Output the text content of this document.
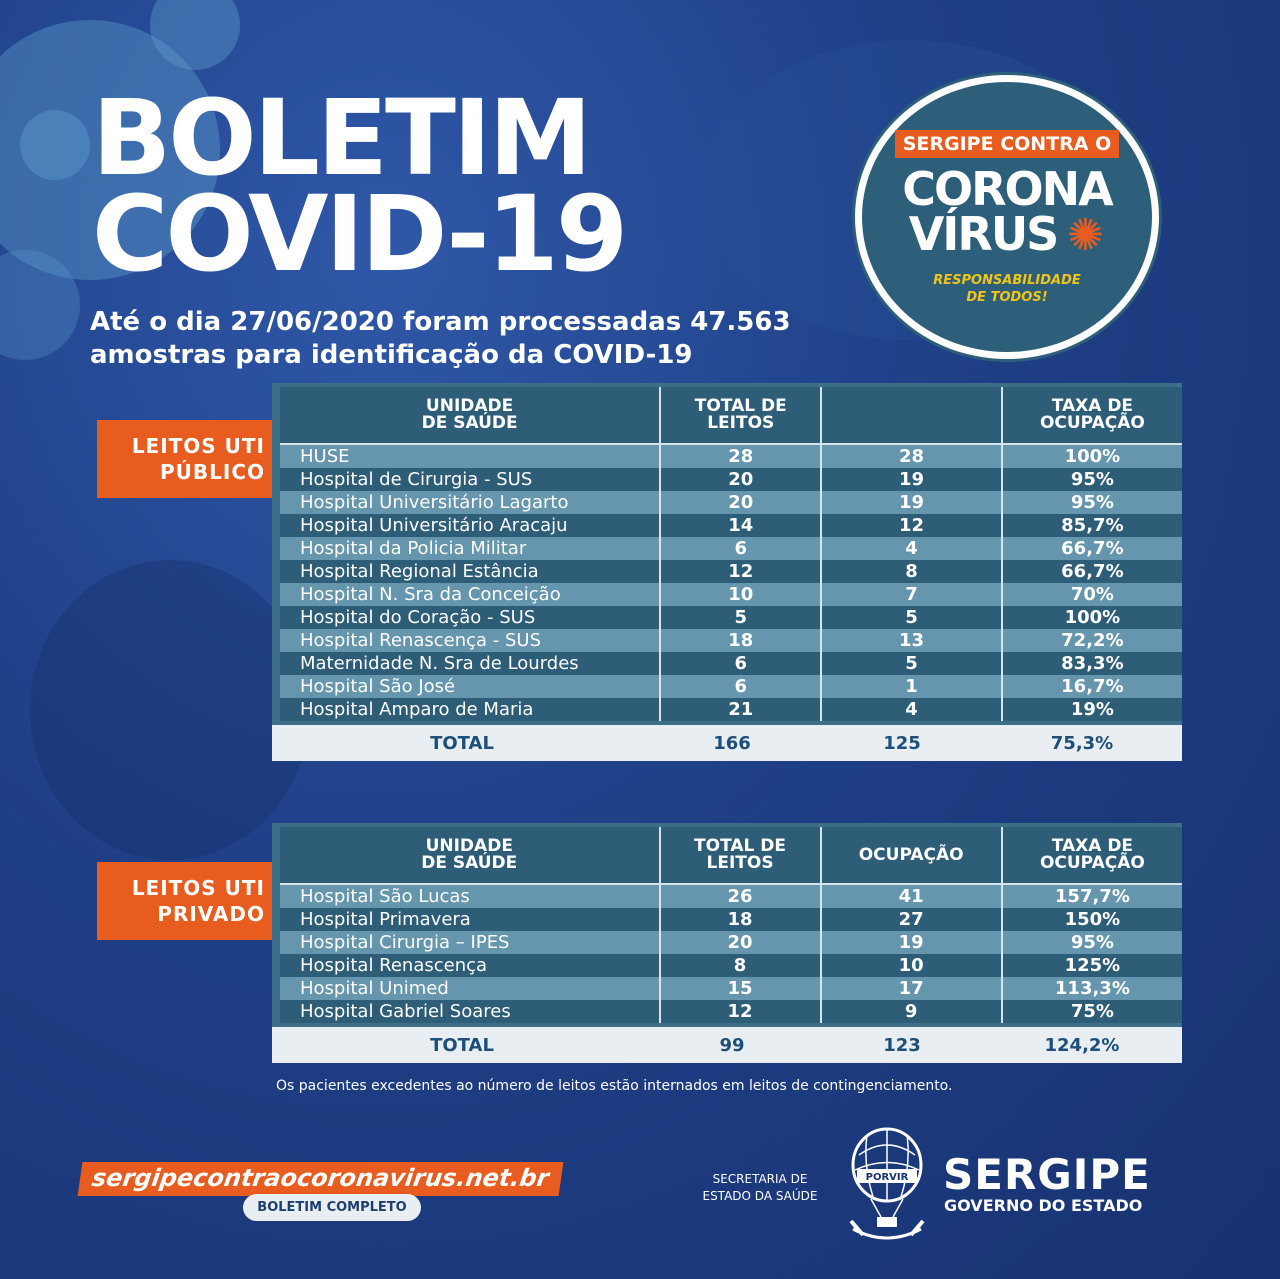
BOLETIM
COVID-19
Até o dia 27/06/2020 foram processadas 47.563
amostras para identificação da COVID-19
SERGIPE CONTRA O
CORONA
VÍRUS ✺
RESPONSABILIDADE
DE TODOS!
LEITOS UTI
PÚBLICO
UNIDADE
DE SAÚDE	TOTAL DE
LEITOS		TAXA DE
OCUPAÇÃO
HUSE	28	28	100%
Hospital de Cirurgia - SUS	20	19	95%
Hospital Universitário Lagarto	20	19	95%
Hospital Universitário Aracaju	14	12	85,7%
Hospital da Policia Militar	6	4	66,7%
Hospital Regional Estância	12	8	66,7%
Hospital N. Sra da Conceição	10	7	70%
Hospital do Coração - SUS	5	5	100%
Hospital Renascença - SUS	18	13	72,2%
Maternidade N. Sra de Lourdes	6	5	83,3%
Hospital São José	6	1	16,7%
Hospital Amparo de Maria	21	4	19%
TOTAL	166	125	75,3%
LEITOS UTI
PRIVADO
UNIDADE
DE SAÚDE	TOTAL DE
LEITOS	OCUPAÇÃO	TAXA DE
OCUPAÇÃO
Hospital São Lucas	26	41	157,7%
Hospital Primavera	18	27	150%
Hospital Cirurgia – IPES	20	19	95%
Hospital Renascença	8	10	125%
Hospital Unimed	15	17	113,3%
Hospital Gabriel Soares	12	9	75%
TOTAL	99	123	124,2%
Os pacientes excedentes ao número de leitos estão internados em leitos de contingenciamento.
sergipecontraocoronavirus.net.br
BOLETIM COMPLETO
SECRETARIA DE
ESTADO DA SAÚDE
PORVIR SERGIPE
GOVERNO DO ESTADO
